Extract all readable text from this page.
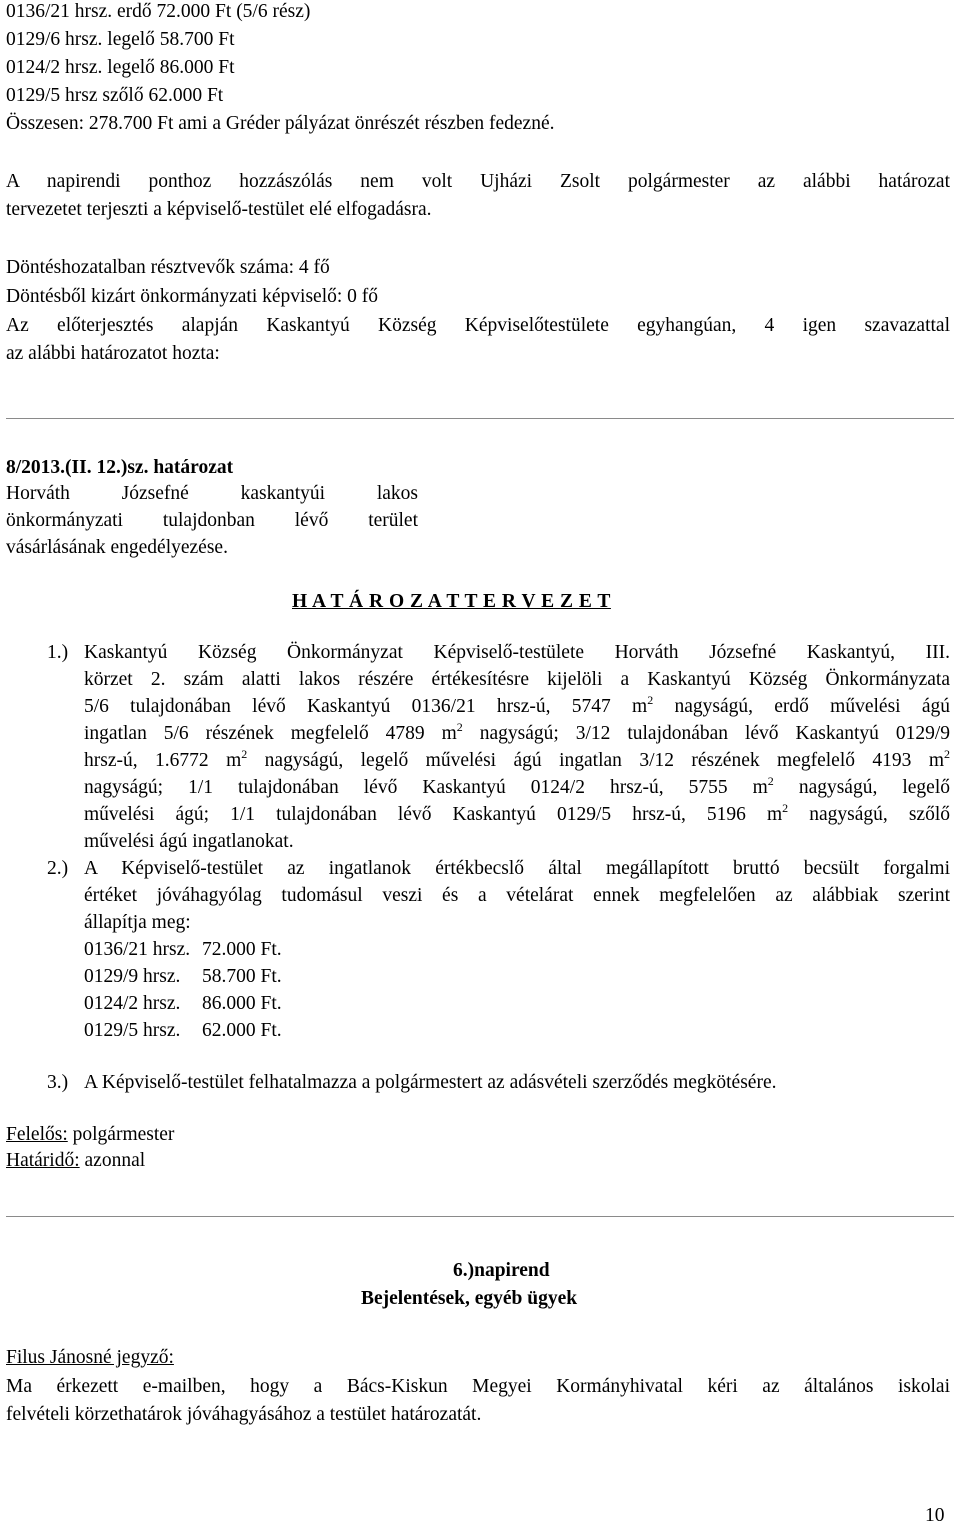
0136/21 hrsz. erdő 72.000 Ft (5/6 rész)
0129/6 hrsz. legelő 58.700 Ft
0124/2 hrsz. legelő 86.000 Ft
0129/5 hrsz szőlő 62.000 Ft
Összesen: 278.700 Ft ami a Gréder pályázat önrészét részben fedezné.
A napirendi ponthoz hozzászólás nem volt Ujházi Zsolt polgármester az alábbi határozat
tervezetet terjeszti a képviselő-testület elé elfogadásra.
Döntéshozatalban résztvevők száma: 4 fő
Döntésből kizárt önkormányzati képviselő: 0 fő
Az előterjesztés alapján Kaskantyú Község Képviselőtestülete egyhangúan, 4 igen szavazattal
az alábbi határozatot hozta:
8/2013.(II. 12.)sz. határozat
Horváth Józsefné kaskantyúi lakos
önkormányzati tulajdonban lévő terület
vásárlásának engedélyezése.
H A T Á R O Z A T T E R V E Z E T
1.) Kaskantyú Község Önkormányzat Képviselő-testülete Horváth Józsefné Kaskantyú, III.
körzet 2. szám alatti lakos részére értékesítésre kijelöli a Kaskantyú Község Önkormányzata
5/6 tulajdonában lévő Kaskantyú 0136/21 hrsz-ú, 5747 $m^2$ nagyságú, erdő művelési ágú
ingatlan 5/6 részének megfelelő 4789 $m^2$ nagyságú; 3/12 tulajdonában lévő Kaskantyú 0129/9
hrsz-ú, 1.6772 $m^2$ nagyságú, legelő művelési ágú ingatlan 3/12 részének megfelelő 4193 $m^2$
nagyságú; 1/1 tulajdonában lévő Kaskantyú 0124/2 hrsz-ú, 5755 $m^2$ nagyságú, legelő
művelési ágú; 1/1 tulajdonában lévő Kaskantyú 0129/5 hrsz-ú, 5196 $m^2$ nagyságú, szőlő
művelési ágú ingatlanokat.
2.) A Képviselő-testület az ingatlanok értékbecslő által megállapított bruttó becsült forgalmi
értéket jóváhagyólag tudomásul veszi és a vételárat ennek megfelelően az alábbiak szerint
állapítja meg:
0136/21 hrsz. 72.000 Ft.
0129/9 hrsz. 58.700 Ft.
0124/2 hrsz. 86.000 Ft.
0129/5 hrsz. 62.000 Ft.
3.) A Képviselő-testület felhatalmazza a polgármestert az adásvételi szerződés megkötésére.
Felelős: polgármester
Határidő: azonnal
6.)napirend
Bejelentések, egyéb ügyek
Filus Jánosné jegyző:
Ma érkezett e-mailben, hogy a Bács-Kiskun Megyei Kormányhivatal kéri az általános iskolai
felvételi körzethatárok jóváhagyásához a testület határozatát.
10
